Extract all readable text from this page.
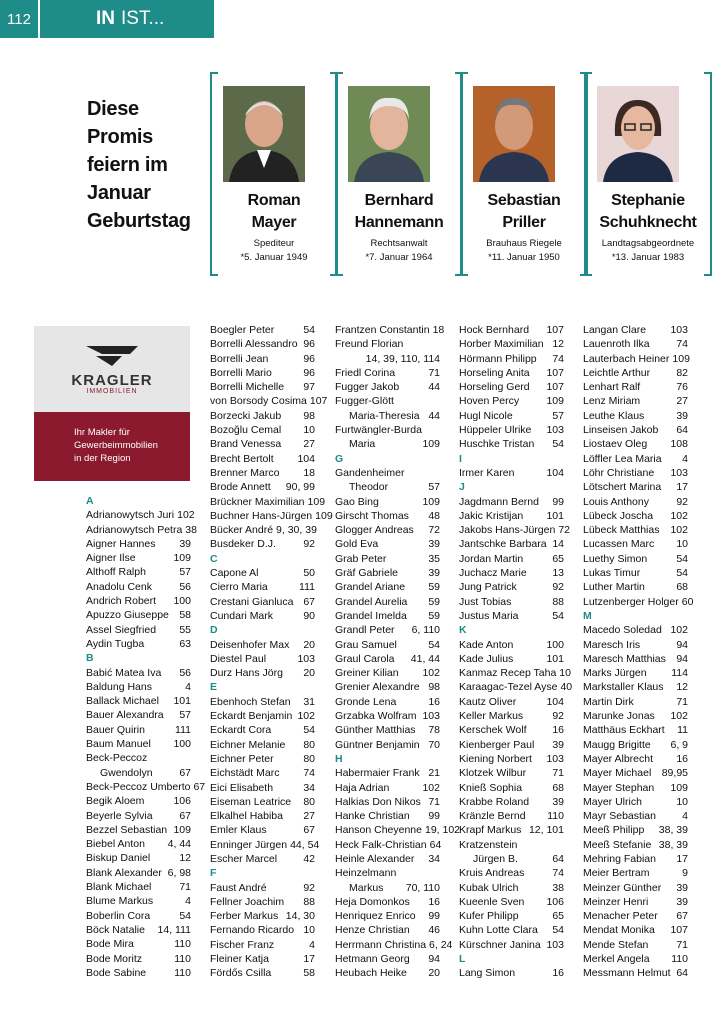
112	IN IST...
Diese
Promis
feiern im
Januar
Geburtstag
Roman
Mayer
Spediteur
*5. Januar 1949
Bernhard
Hannemann
Rechtsanwalt
*7. Januar 1964
Sebastian
Priller
Brauhaus Riegele
*11. Januar 1950
Stephanie
Schuhknecht
Landtagsabgeordnete
*13. Januar 1983
KRAGLER
IMMOBILIEN
Ihr Makler für
Gewerbeimmobilien
in der Region
A
Adrianowytsch Juri 102
Adrianowytsch Petra 38
Aigner Hannes 39
Aigner Ilse	109
Althoff Ralph	57
Anadolu Cenk	56
Andrich Robert 100
Apuzzo Giuseppe 58
Assel Siegfried 55
Aydin Tugba	63
B
Babić Matea Iva 56
Baldung Hans	4
Ballack Michael 101
Bauer Alexandra 57
Bauer Quirin	111
Baum Manuel 100
Beck-Peccoz
Gwendolyn	67
Beck-Peccoz Umberto 67
Begik Aloem	106
Beyerle Sylvia	67
Bezzel Sebastian 109
Biebel Anton 4, 44
Biskup Daniel	12
Blank Alexander 6, 98
Blank Michael	71
Blume Markus	4
Boberlin Cora	54
Böck Natalie 14, 111
Bode Mira	110
Bode Moritz	110
Bode Sabine	110
Boegler Peter	54
Borrelli Alessandro 96
Borrelli Jean	96
Borrelli Mario	96
Borrelli Michelle 97
von Borsody Cosima 107
Borzecki Jakub 98
Bozoğlu Cemal 10
Brand Venessa 27
Brecht Bertolt 104
Brenner Marco 18
Brode Annett 90, 99
Brückner Maximilian 109
Buchner Hans-Jürgen 109
Bücker André 9, 30, 39
Busdeker D.J.	92
C
Capone Al	50
Cierro Maria	111
Crestani Gianluca 67
Cundari Mark	90
D
Deisenhofer Max 20
Diestel Paul	103
Durz Hans Jörg 20
E
Ebenhoch Stefan 31
Eckardt Benjamin 102
Eckardt Cora	54
Eichner Melanie 80
Eichner Peter	80
Eichstädt Marc 74
Eici Elisabeth	34
Eiseman Leatrice 80
Elkalhel Habiba 27
Emler Klaus	67
Enninger Jürgen 44, 54
Escher Marcel 42
F
Faust André	92
Fellner Joachim 88
Ferber Markus 14, 30
Fernando Ricardo 10
Fischer Franz	4
Fleiner Katja	17
Fördős Csilla	58
Frantzen Constantin 18
Freund Florian
14, 39, 110, 114
Friedl Corina	71
Fugger Jakob	44
Fugger-Glött
Maria-Theresia 44
Furtwängler-Burda
Maria	109
G
Gandenheimer
Theodor	57
Gao Bing	109
Girscht Thomas 48
Glogger Andreas 72
Gold Eva	39
Grab Peter	35
Gräf Gabriele	39
Grandel Ariane 59
Grandel Aurelia 59
Grandel Imelda 59
Grandl Peter 6, 110
Grau Samuel	54
Graul Carola 41, 44
Greiner Kilian 102
Grenier Alexandre 98
Gronde Lena	16
Grzabka Wolfram 103
Günther Matthias 78
Güntner Benjamin 70
H
Habermaier Frank 21
Haja Adrian	102
Halkias Don Nikos 71
Hanke Christian 99
Hanson Cheyenne 19, 102
Heck Falk-Christian 64
Heinle Alexander 34
Heinzelmann
Markus 70, 110
Heja Domonkos 16
Henriquez Enrico 99
Henze Christian 46
Herrmann Christina 6, 24
Hetmann Georg 94
Heubach Heike 20
Hock Bernhard 107
Horber Maximilian 12
Hörmann Philipp 74
Horseling Anita 107
Horseling Gerd 107
Hoven Percy	109
Hugl Nicole	57
Hüppeler Ulrike 103
Huschke Tristan 54
I
Irmer Karen	104
J
Jagdmann Bernd 99
Jakic Kristijan 101
Jakobs Hans-Jürgen 72
Jantschke Barbara 14
Jordan Martin	65
Juchacz Marie 13
Jung Patrick	92
Just Tobias	88
Justus Maria	54
K
Kade Anton	100
Kade Julius	101
Kanmaz Recep Taha 10
Karaagac-Tezel Ayse 40
Kautz Oliver	104
Keller Markus	92
Kerschek Wolf 16
Kienberger Paul 39
Kiening Norbert 103
Klotzek Wilbur 71
Knieß Sophia	68
Krabbe Roland 39
Kränzle Bernd 110
Krapf Markus 12, 101
Kratzenstein
Jürgen B.	64
Kruis Andreas	74
Kubak Ulrich	38
Kueenle Sven 106
Kufer Philipp	65
Kuhn Lotte Clara 54
Kürschner Janina 103
L
Lang Simon	16
Langan Clare 103
Lauenroth Ilka	74
Lauterbach Heiner 109
Leichtle Arthur 82
Lenhart Ralf	76
Lenz Miriam	27
Leuthe Klaus	39
Linseisen Jakob 64
Liostaev Oleg 108
Löffler Lea Maria 4
Löhr Christiane 103
Lötschert Marina 17
Louis Anthony	92
Lübeck Joscha 102
Lübeck Matthias 102
Lucassen Marc 10
Luethy Simon	54
Lukas Timur	54
Luther Martin	68
Lutzenberger Holger 60
M
Macedo Soledad 102
Maresch Iris	94
Maresch Matthias 94
Marks Jürgen 114
Markstaller Klaus 12
Martin Dirk	71
Marunke Jonas 102
Matthäus Eckhart 11
Maugg Brigitte 6, 9
Mayer Albrecht 16
Mayer Michael 89,95
Mayer Stephan 109
Mayer Ulrich	10
Mayr Sebastian 4
Meeß Philipp 38, 39
Meeß Stefanie 38, 39
Mehring Fabian 17
Meier Bertram	9
Meinzer Günther 39
Meinzer Henri	39
Menacher Peter 67
Mendat Monika 107
Mende Stefan	71
Merkel Angela 110
Messmann Helmut 64
